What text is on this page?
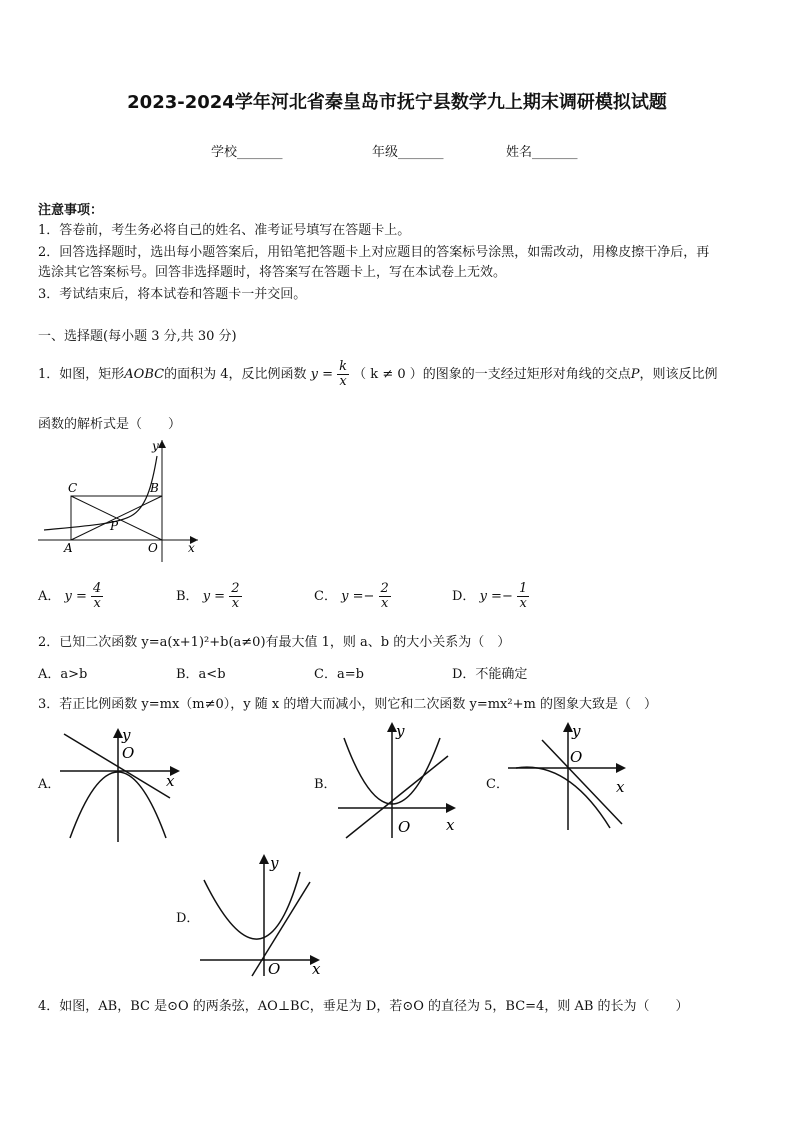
2023-2024学年河北省秦皇岛市抚宁县数学九上期末调研模拟试题
学校_______	年级_______	姓名_______
注意事项：
1．答卷前，考生务必将自己的姓名、准考证号填写在答题卡上。
2．回答选择题时，选出每小题答案后，用铅笔把答题卡上对应题目的答案标号涂黑，如需改动，用橡皮擦干净后，再
选涂其它答案标号。回答非选择题时，将答案写在答题卡上，写在本试卷上无效。
3．考试结束后，将本试卷和答题卡一并交回。
一、选择题(每小题 3 分,共 30 分)
1．如图，矩形AOBC的面积为 4，反比例函数 $y = \frac{k}{x}$ （ k ≠ 0 ）的图象的一支经过矩形对角线的交点P，则该反比例
函数的解析式是（　　）
y
x
C	B
P
A	O
A． $y = \frac{4}{x}$	B． $y = \frac{2}{x}$	C． $y =- \frac{2}{x}$	D． $y =- \frac{1}{x}$
2．已知二次函数 y=a(x+1)²+b(a≠0)有最大值 1，则 a、b 的大小关系为（　）
A．a>b	B．a<b	C．a=b	D．不能确定
3．若正比例函数 y=mx（m≠0），y 随 x 的增大而减小，则它和二次函数 y=mx²+m 的图象大致是（　）
A．
y
O
x	B．
y
O x
C．
y
O
x
D．
y
O x
4．如图，AB，BC 是⊙O 的两条弦，AO⊥BC，垂足为 D，若⊙O 的直径为 5，BC=4，则 AB 的长为（　　）
